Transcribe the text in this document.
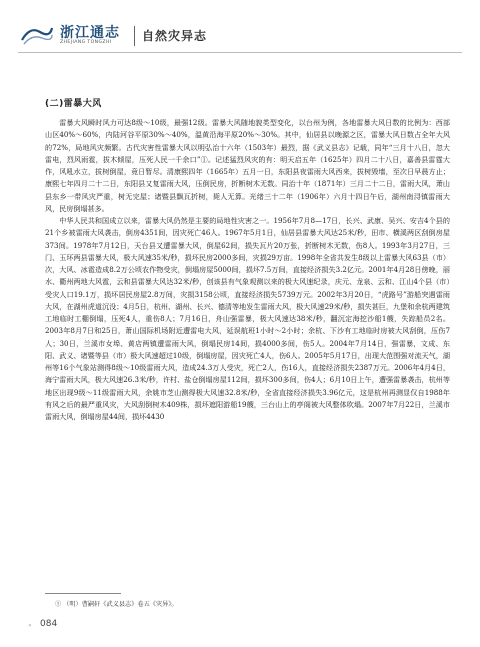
浙江通志
ZHEJIANG TONGZHI	自然灾异志
(二)雷暴大风

雷暴大风瞬时风力可达8级～10级，最强12级。雷暴大风随地貌类型变化，以台州为例，各地雷暴大风日数的比例为：西部山区40%～60%，内陆河谷平原30%～40%，温黄沿海平原20%～30%。其中，仙居县以晚源之区，雷暴大风日数占全年大风的72%，局地风灾频繁。古代灾害性雷暴大风以明弘治十六年（1503年）最烈，据《武义县志》记载，同年“三月十八日，忽大雷电，烈风雨雹，拔木倾屋，压死人民一千余口”①。记述猛烈风灾的有：明天启五年（1625年）四月二十八日，嘉善县雷霆大作，风吼水立，拔树倒屋，竟日暂尽。清康熙四年（1665年）五月一日，东阳县夜雷雨大风西来，拔树毁墙，至次日早晨方止；康熙七年四月二十二日，东阳县又复雷雨大风，压倒民房，折断树木无数。同治十年（1871年）三月二十二日，雷雨大风，萧山县东乡一带风灾严重，树无完屋；诸暨县飘瓦折树，毙人无算。光绪三十二年（1906年）六月十四日午后，湖州南浔镇雷雨大风，民房倒塌甚多。

中华人民共和国成立以来，雷暴大风仍然是主要的局地性灾害之一。1956年7月8—17日，长兴、武康、吴兴、安吉4个县的21个乡被雷雨大风袭击，倒房4351间，因灾死亡46人。1967年5月1日，仙居县雷暴大风达25米/秒，田市、横溪两区刮倒房屋373间。1978年7月12日，天台县又遭雷暴大风，倒屋62间，损失瓦片20万张，折断树木无数，伤8人。1993年3月27日，三门、玉环两县雷暴大风，极大风速35米/秒，损坏民房2000多间，灾损29万亩。1998年全省共发生8级以上雷暴大风63县（市）次，大风、冰雹造成8.2万公顷农作物受灾，倒塌房屋5000间，损坏7.5万间，直接经济损失3.2亿元。2001年4月28日傍晚，丽水、衢州两地大风雹，云和县雷暴大风达32米/秒，创该县有气象观测以来的极大风速纪录，庆元、龙泉、云和、江山4个县（市）受灾人口19.1万，损坏居民房屋2.8万间，灾损3158公顷，直接经济损失5739万元。2002年3月20日，“虎路号”游船突遇雷雨大风，在湖州虎道沉没；4月5日，杭州、湖州、长兴、德清等地发生雷雨大风，极大风速29米/秒，损失甚巨，九堡和余杭两建筑工地临时工棚倒塌，压死4人，重伤8人；7月16日，舟山强雷暴，极大风速达38米/秒，翻沉定海挖沙船1艘，失踪船员2名。2003年8月7日和25日，萧山国际机场附近遭雷电大风，延误航班1小时～2小时；余杭、下沙有工地临时房被大风刮倒，压伤7人；30日，兰溪市女埠、黄店两镇遭雷雨大风，倒塌民房14间，损4000多间，伤5人。2004年7月14日，强雷暴，文成、东阳、武义、诸暨等县（市）极大风速超过10级，倒塌房屋，因灾死亡4人，伤6人。2005年5月17日，出现大范围强对流天气，湖州等16个气象站测得8级～10级雷雨大风，造成24.3万人受灾，死亡2人，伤16人，直接经济损失2387万元。2006年4月4日，海宁雷雨大风，极大风速26.3米/秒，许村、盐仓倒塌房屋112间，损坏300多间，伤4人；6月10日上午，遭强雷暴袭击，杭州等地区出现9级～11级雷雨大风，余姚市芝山测得极大风速32.8米/秒，全省直接经济损失3.96亿元，这是杭州再测显仅自1988年有风之后的最严重风灾，大风刮倒树木409株，损坏遮阳游船19艘，三台山上的亭阁被大风整体吹塌。2007年7月22日，兰溪市雷雨大风，倒塌房屋44间，损坏4430

① （明）曹嗣轩《武义县志》卷五《灾异》。
» 084
